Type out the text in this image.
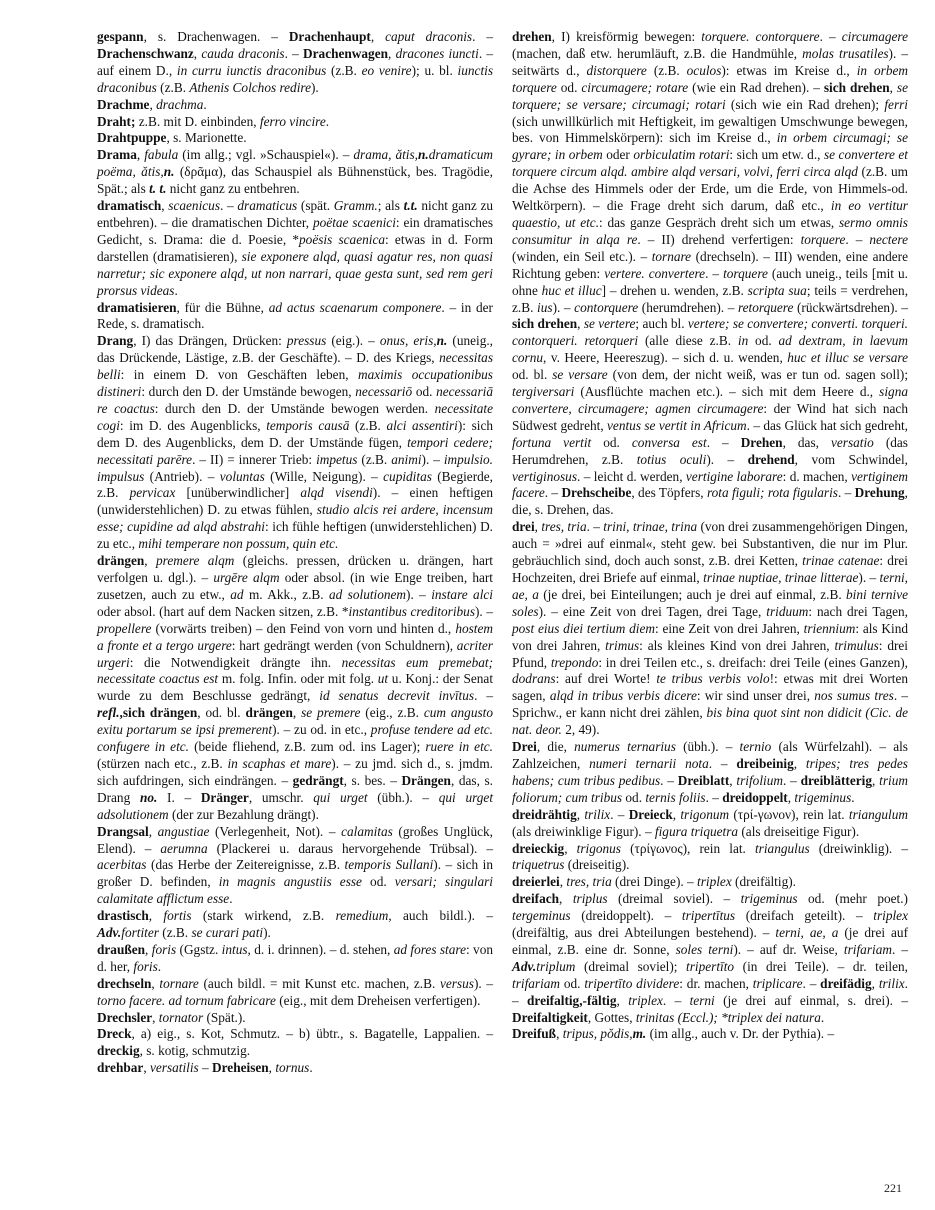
gespann, s. Drachenwagen. – Drachenhaupt, caput draconis. – Drachenschwanz, cauda draconis. – Drachenwagen, dracones iuncti. – auf einem D., in curru iunctis draconibus (z.B. eo venire); u. bl. iunctis draconibus (z.B. Athenis Colchos redire).

Drachme, drachma.

Draht; z.B. mit D. einbinden, ferro vincire.

Drahtpuppe, s. Marionette.

Drama, fabula (im allg.; vgl. »Schauspiel«). – drama, ătis,n.dramaticum poëma, ătis,n. (δρᾶμα), das Schauspiel als Bühnenstück, bes. Tragödie, Spät.; als t. t. nicht ganz zu entbehren.

dramatisch, scaenicus. – dramaticus (spät. Gramm.; als t.t. nicht ganz zu entbehren). – die dramatischen Dichter, poëtae scaenici: ein dramatisches Gedicht, s. Drama: die d. Poesie, *poësis scaenica: etwas in d. Form darstellen (dramatisieren), sie exponere alqd, quasi agatur res, non quasi narretur; sic exponere alqd, ut non narrari, quae gesta sunt, sed rem geri prorsus videas.

dramatisieren, für die Bühne, ad actus scaenarum componere. – in der Rede, s. dramatisch.

Drang, I) das Drängen, Drücken: pressus (eig.). – onus, eris,n. (uneig., das Drückende, Lästige, z.B. der Geschäfte). – D. des Kriegs, necessitas belli: in einem D. von Geschäften leben, maximis occupationibus distineri: durch den D. der Umstände bewogen, necessariō od. necessariā re coactus: durch den D. der Umstände bewogen werden. necessitate cogi: im D. des Augenblicks, temporis causā (z.B. alci assentiri): sich dem D. des Augenblicks, dem D. der Umstände fügen, tempori cedere; necessitati parēre. – II) = innerer Trieb: impetus (z.B. animi). – impulsio. impulsus (Antrieb). – voluntas (Wille, Neigung). – cupiditas (Begierde, z.B. pervicax [unüberwindlicher] alqd visendi). – einen heftigen (unwiderstehlichen) D. zu etwas fühlen, studio alcis rei ardere, incensum esse; cupidine ad alqd abstrahi: ich fühle heftigen (unwiderstehlichen) D. zu etc., mihi temperare non possum, quin etc.

drängen, premere alqm (gleichs. pressen, drücken u. drängen, hart verfolgen u. dgl.). – urgēre alqm oder absol. (in wie Enge treiben, hart zusetzen, auch zu etw., ad m. Akk., z.B. ad solutionem). – instare alci oder absol. (hart auf dem Nacken sitzen, z.B. *instantibus creditoribus). – propellere (vorwärts treiben) – den Feind von vorn und hinten d., hostem a fronte et a tergo urgere: hart gedrängt werden (von Schuldnern), acriter urgeri: die Notwendigkeit drängte ihn. necessitas eum premebat; necessitate coactus est m. folg. Infin. oder mit folg. ut u. Konj.: der Senat wurde zu dem Beschlusse gedrängt, id senatus decrevit invītus. – refl.,sich drängen, od. bl. drängen, se premere (eig., z.B. cum angusto exitu portarum se ipsi premerent). – zu od. in etc., profuse tendere ad etc. confugere in etc. (beide fliehend, z.B. zum od. ins Lager); ruere in etc. (stürzen nach etc., z.B. in scaphas et mare). – zu jmd. sich d., s. jmdm. sich aufdringen, sich eindrängen. – gedrängt, s. bes. – Drängen, das, s. Drang no. I. – Dränger, umschr. qui urget (übh.). – qui urget adsolutionem (der zur Bezahlung drängt).

Drangsal, angustiae (Verlegenheit, Not). – calamitas (großes Unglück, Elend). – aerumna (Plackerei u. daraus hervorgehende Trübsal). – acerbitas (das Herbe der Zeitereignisse, z.B. temporis Sullani). – sich in großer D. befinden, in magnis angustiis esse od. versari; singulari calamitate afflictum esse.

drastisch, fortis (stark wirkend, z.B. remedium, auch bildl.). – Adv.fortiter (z.B. se curari pati).

draußen, foris (Ggstz. intus, d. i. drinnen). – d. stehen, ad fores stare: von d. her, foris.

drechseln, tornare (auch bildl. = mit Kunst etc. machen, z.B. versus). – torno facere. ad tornum fabricare (eig., mit dem Dreheisen verfertigen).

Drechsler, tornator (Spät.).

Dreck, a) eig., s. Kot, Schmutz. – b) übtr., s. Bagatelle, Lappalien. – dreckig, s. kotig, schmutzig.

drehbar, versatilis – Dreheisen, tornus.

drehen, I) kreisförmig bewegen: torquere. contorquere. – circumagere (machen, daß etw. herumläuft, z.B. die Handmühle, molas trusatiles). – seitwärts d., distorquere (z.B. oculos): etwas im Kreise d., in orbem torquere od. circumagere; rotare (wie ein Rad drehen). – sich drehen, se torquere; se versare; circumagi; rotari (sich wie ein Rad drehen); ferri (sich unwillkürlich mit Heftigkeit, im gewaltigen Umschwunge bewegen, bes. von Himmelskörpern): sich im Kreise d., in orbem circumagi; se gyrare; in orbem oder orbiculatim rotari: sich um etw. d., se convertere et torquere circum alqd. ambire alqd versari, volvi, ferri circa alqd (z.B. um die Achse des Himmels oder der Erde, um die Erde, von Himmels-od. Weltkörpern). – die Frage dreht sich darum, daß etc., in eo vertitur quaestio, ut etc.: das ganze Gespräch dreht sich um etwas, sermo omnis consumitur in alqa re. – II) drehend verfertigen: torquere. – nectere (winden, ein Seil etc.). – tornare (drechseln). – III) wenden, eine andere Richtung geben: vertere. convertere. – torquere (auch uneig., teils [mit u. ohne huc et illuc] – drehen u. wenden, z.B. scripta sua; teils = verdrehen, z.B. ius). – contorquere (herumdrehen). – retorquere (rückwärtsdrehen). – sich drehen, se vertere; auch bl. vertere; se convertere; converti. torqueri. contorqueri. retorqueri (alle diese z.B. in od. ad dextram, in laevum cornu, v. Heere, Heereszug). – sich d. u. wenden, huc et illuc se versare od. bl. se versare (von dem, der nicht weiß, was er tun od. sagen soll); tergiversari (Ausflüchte machen etc.). – sich mit dem Heere d., signa convertere, circumagere; agmen circumagere: der Wind hat sich nach Südwest gedreht, ventus se vertit in Africum. – das Glück hat sich gedreht, fortuna vertit od. conversa est. – Drehen, das, versatio (das Herumdrehen, z.B. totius oculi). – drehend, vom Schwindel, vertiginosus. – leicht d. werden, vertigine laborare: d. machen, vertiginem facere. – Drehscheibe, des Töpfers, rota figuli; rota figularis. – Drehung, die, s. Drehen, das.

drei, tres, tria. – trini, trinae, trina (von drei zusammengehörigen Dingen, auch = »drei auf einmal«, steht gew. bei Substantiven, die nur im Plur. gebräuchlich sind, doch auch sonst, z.B. drei Ketten, trinae catenae: drei Hochzeiten, drei Briefe auf einmal, trinae nuptiae, trinae litterae). – terni, ae, a (je drei, bei Einteilungen; auch je drei auf einmal, z.B. bini ternive soles). – eine Zeit von drei Tagen, drei Tage, triduum: nach drei Tagen, post eius diei tertium diem: eine Zeit von drei Jahren, triennium: als Kind von drei Jahren, trimus: als kleines Kind von drei Jahren, trimulus: drei Pfund, trepondo: in drei Teilen etc., s. dreifach: drei Teile (eines Ganzen), dodrans: auf drei Worte! te tribus verbis volo!: etwas mit drei Worten sagen, alqd in tribus verbis dicere: wir sind unser drei, nos sumus tres. – Sprichw., er kann nicht drei zählen, bis bina quot sint non didicit (Cic. de nat. deor. 2, 49).

Drei, die, numerus ternarius (übh.). – ternio (als Würfelzahl). – als Zahlzeichen, numeri ternarii nota. – dreibeinig, tripes; tres pedes habens; cum tribus pedibus. – Dreiblatt, trifolium. – dreiblätterig, trium foliorum; cum tribus od. ternis foliis. – dreidoppelt, trigeminus.

dreidrähtig, trilix. – Dreieck, trigonum (τρί-γωνον), rein lat. triangulum (als dreiwinklige Figur). – figura triquetra (als dreiseitige Figur).

dreieckig, trigonus (τρίγωνος), rein lat. triangulus (dreiwinklig). – triquetrus (dreiseitig).

dreierlei, tres, tria (drei Dinge). – triplex (dreifältig).

dreifach, triplus (dreimal soviel). – trigeminus od. (mehr poet.) tergeminus (dreidoppelt). – tripertītus (dreifach geteilt). – triplex (dreifältig, aus drei Abteilungen bestehend). – terni, ae, a (je drei auf einmal, z.B. eine dr. Sonne, soles terni). – auf dr. Weise, trifariam. – Adv.triplum (dreimal soviel); tripertīto (in drei Teile). – dr. teilen, trifariam od. tripertīto dividere: dr. machen, triplicare. – dreifädig, trilix. – dreifaltig,-fältig, triplex. – terni (je drei auf einmal, s. drei). – Dreifaltigkeit, Gottes, trinitas (Eccl.); *triplex dei natura.

Dreifuß, tripus, pŏdis,m. (im allg., auch v. Dr. der Pythia). –

221
